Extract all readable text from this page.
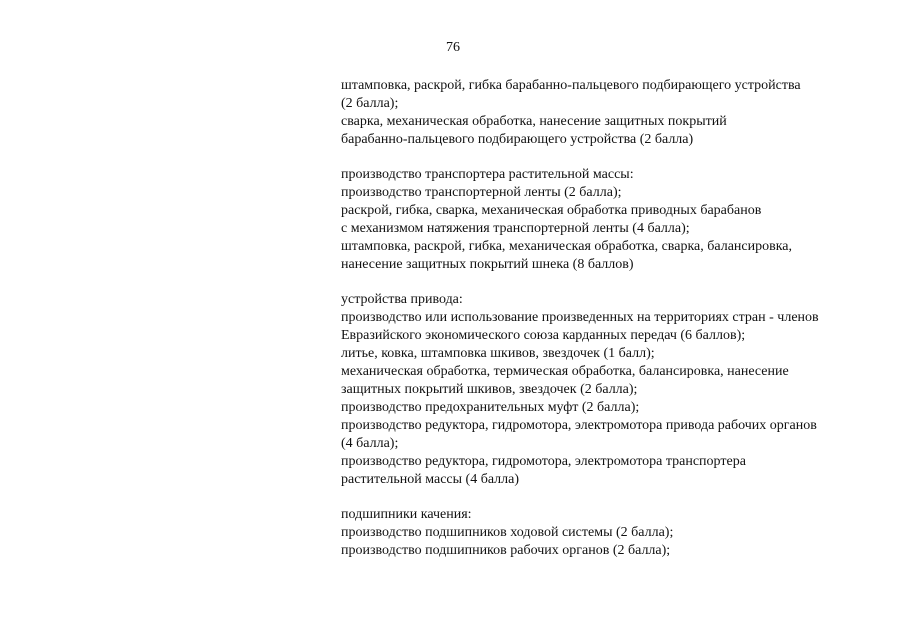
76
штамповка, раскрой, гибка барабанно-пальцевого подбирающего устройства
(2 балла);
сварка, механическая обработка, нанесение защитных покрытий
барабанно-пальцевого подбирающего устройства (2 балла)
производство транспортера растительной массы:
производство транспортерной ленты (2 балла);
раскрой, гибка, сварка, механическая обработка приводных барабанов
с механизмом натяжения транспортерной ленты (4 балла);
штамповка, раскрой, гибка, механическая обработка, сварка, балансировка,
нанесение защитных покрытий шнека (8 баллов)
устройства привода:
производство или использование произведенных на территориях стран - членов
Евразийского экономического союза карданных передач (6 баллов);
литье, ковка, штамповка шкивов, звездочек (1 балл);
механическая обработка, термическая обработка, балансировка, нанесение
защитных покрытий шкивов, звездочек (2 балла);
производство предохранительных муфт (2 балла);
производство редуктора, гидромотора, электромотора привода рабочих органов
(4 балла);
производство редуктора, гидромотора, электромотора транспортера
растительной массы (4 балла)
подшипники качения:
производство подшипников ходовой системы (2 балла);
производство подшипников рабочих органов (2 балла);
